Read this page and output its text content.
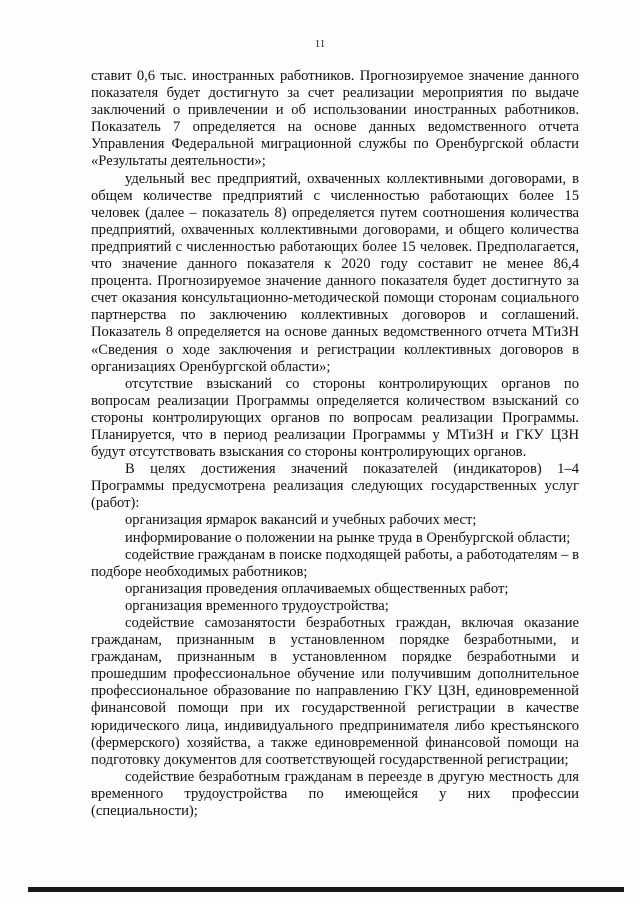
11

ставит 0,6 тыс. иностранных работников. Прогнозируемое значение данного показателя будет достигнуто за счет реализации мероприятия по выдаче заключений о привлечении и об использовании иностранных работников. Показатель 7 определяется на основе данных ведомственного отчета Управления Федеральной миграционной службы по Оренбургской области «Результаты деятельности»;

удельный вес предприятий, охваченных коллективными договорами, в общем количестве предприятий с численностью работающих более 15 человек (далее – показатель 8) определяется путем соотношения количества предприятий, охваченных коллективными договорами, и общего количества предприятий с численностью работающих более 15 человек. Предполагается, что значение данного показателя к 2020 году составит не менее 86,4 процента. Прогнозируемое значение данного показателя будет достигнуто за счет оказания консультационно-методической помощи сторонам социального партнерства по заключению коллективных договоров и соглашений. Показатель 8 определяется на основе данных ведомственного отчета МТиЗН «Сведения о ходе заключения и регистрации коллективных договоров в организациях Оренбургской области»;

отсутствие взысканий со стороны контролирующих органов по вопросам реализации Программы определяется количеством взысканий со стороны контролирующих органов по вопросам реализации Программы. Планируется, что в период реализации Программы у МТиЗН и ГКУ ЦЗН будут отсутствовать взыскания со стороны контролирующих органов.

В целях достижения значений показателей (индикаторов) 1–4 Программы предусмотрена реализация следующих государственных услуг (работ):

организация ярмарок вакансий и учебных рабочих мест;

информирование о положении на рынке труда в Оренбургской области;

содействие гражданам в поиске подходящей работы, а работодателям – в подборе необходимых работников;

организация проведения оплачиваемых общественных работ;

организация временного трудоустройства;

содействие самозанятости безработных граждан, включая оказание гражданам, признанным в установленном порядке безработными, и гражданам, признанным в установленном порядке безработными и прошедшим профессиональное обучение или получившим дополнительное профессиональное образование по направлению ГКУ ЦЗН, единовременной финансовой помощи при их государственной регистрации в качестве юридического лица, индивидуального предпринимателя либо крестьянского (фермерского) хозяйства, а также единовременной финансовой помощи на подготовку документов для соответствующей государственной регистрации;

содействие безработным гражданам в переезде в другую местность для временного трудоустройства по имеющейся у них профессии (специальности);
